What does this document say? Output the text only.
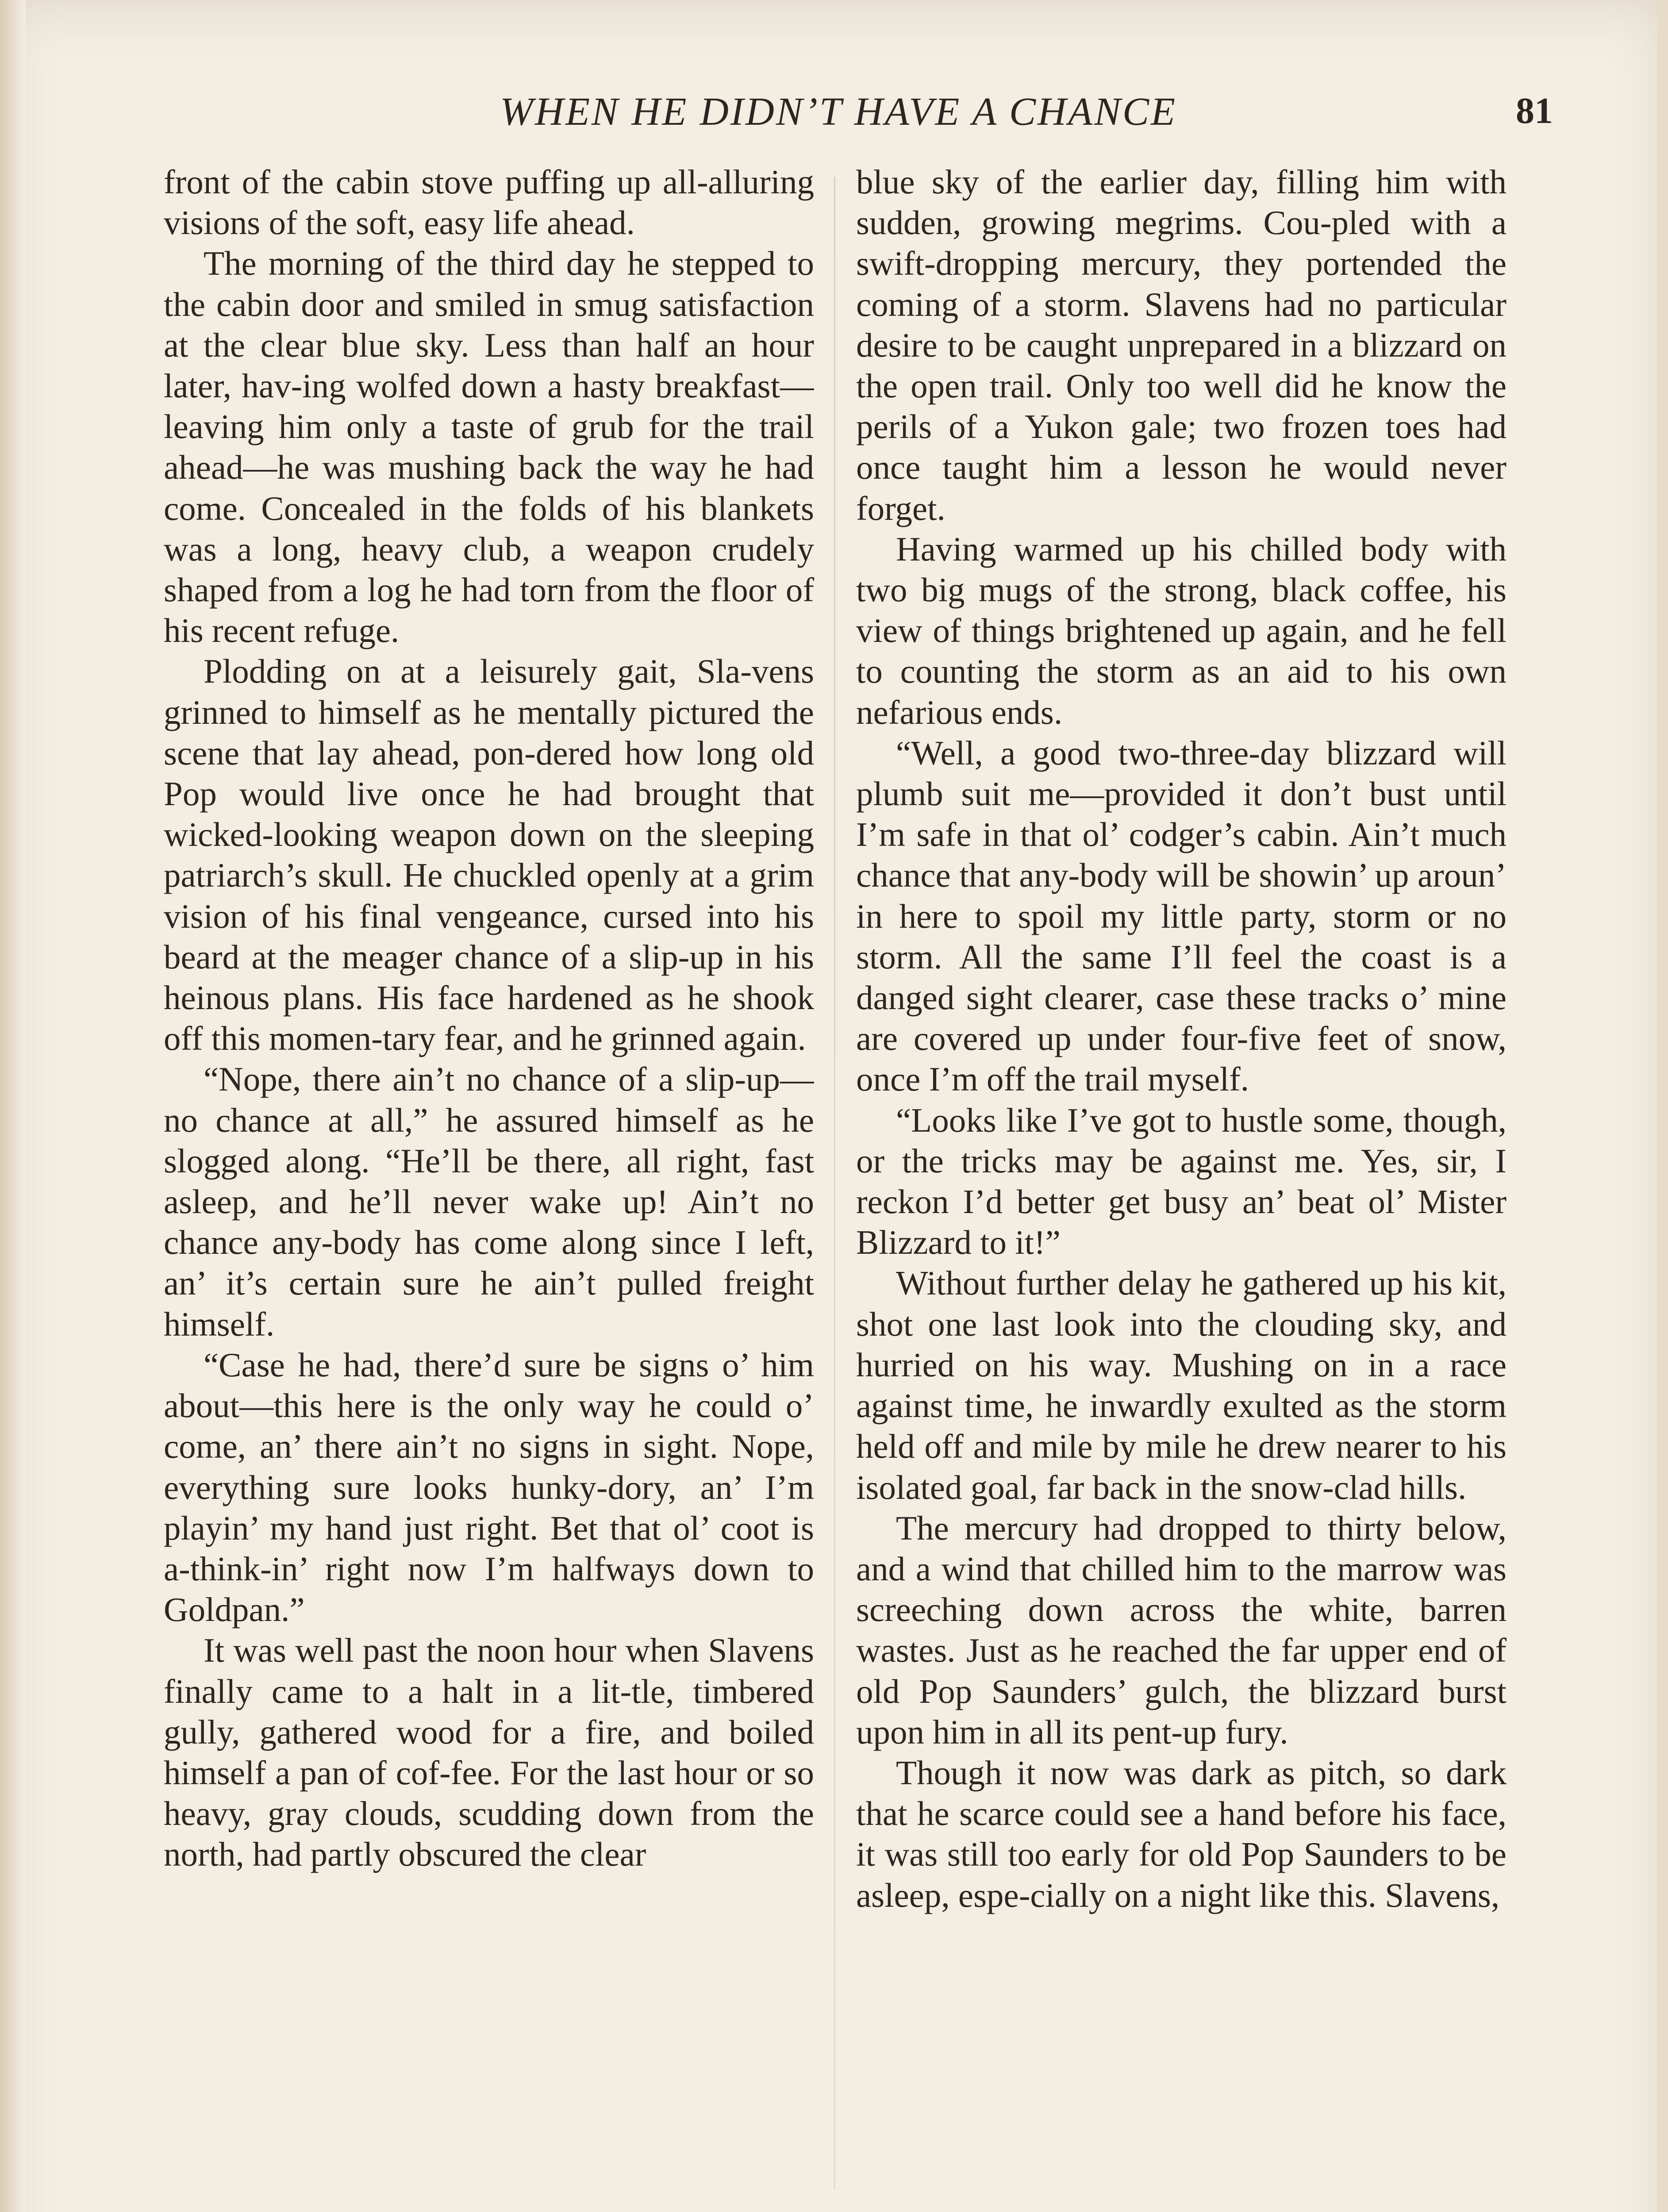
WHEN HE DIDN’T HAVE A CHANCE	81

front of the cabin stove puffing up all-alluring visions of the soft, easy life ahead.

The morning of the third day he stepped to the cabin door and smiled in smug satisfaction at the clear blue sky. Less than half an hour later, hav-ing wolfed down a hasty breakfast—leaving him only a taste of grub for the trail ahead—he was mushing back the way he had come. Concealed in the folds of his blankets was a long, heavy club, a weapon crudely shaped from a log he had torn from the floor of his recent refuge.

Plodding on at a leisurely gait, Sla-vens grinned to himself as he mentally pictured the scene that lay ahead, pon-dered how long old Pop would live once he had brought that wicked-looking weapon down on the sleeping patriarch’s skull. He chuckled openly at a grim vision of his final vengeance, cursed into his beard at the meager chance of a slip-up in his heinous plans. His face hardened as he shook off this momen-tary fear, and he grinned again.

“Nope, there ain’t no chance of a slip-up—no chance at all,” he assured himself as he slogged along. “He’ll be there, all right, fast asleep, and he’ll never wake up! Ain’t no chance any-body has come along since I left, an’ it’s certain sure he ain’t pulled freight himself.

“Case he had, there’d sure be signs o’ him about—this here is the only way he could o’ come, an’ there ain’t no signs in sight. Nope, everything sure looks hunky-dory, an’ I’m playin’ my hand just right. Bet that ol’ coot is a-think-in’ right now I’m halfways down to Goldpan.”

It was well past the noon hour when Slavens finally came to a halt in a lit-tle, timbered gully, gathered wood for a fire, and boiled himself a pan of cof-fee. For the last hour or so heavy, gray clouds, scudding down from the north, had partly obscured the clear

blue sky of the earlier day, filling him with sudden, growing megrims. Cou-pled with a swift-dropping mercury, they portended the coming of a storm. Slavens had no particular desire to be caught unprepared in a blizzard on the open trail. Only too well did he know the perils of a Yukon gale; two frozen toes had once taught him a lesson he would never forget.

Having warmed up his chilled body with two big mugs of the strong, black coffee, his view of things brightened up again, and he fell to counting the storm as an aid to his own nefarious ends.

“Well, a good two-three-day blizzard will plumb suit me—provided it don’t bust until I’m safe in that ol’ codger’s cabin. Ain’t much chance that any-body will be showin’ up aroun’ in here to spoil my little party, storm or no storm. All the same I’ll feel the coast is a danged sight clearer, case these tracks o’ mine are covered up under four-five feet of snow, once I’m off the trail myself.

“Looks like I’ve got to hustle some, though, or the tricks may be against me. Yes, sir, I reckon I’d better get busy an’ beat ol’ Mister Blizzard to it!”

Without further delay he gathered up his kit, shot one last look into the clouding sky, and hurried on his way. Mushing on in a race against time, he inwardly exulted as the storm held off and mile by mile he drew nearer to his isolated goal, far back in the snow-clad hills.

The mercury had dropped to thirty below, and a wind that chilled him to the marrow was screeching down across the white, barren wastes. Just as he reached the far upper end of old Pop Saunders’ gulch, the blizzard burst upon him in all its pent-up fury.

Though it now was dark as pitch, so dark that he scarce could see a hand before his face, it was still too early for old Pop Saunders to be asleep, espe-cially on a night like this. Slavens,
